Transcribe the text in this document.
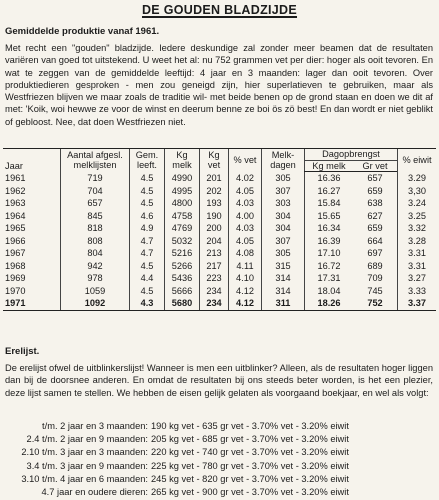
DE GOUDEN BLADZIJDE
Gemiddelde produktie vanaf 1961.
Met recht een "gouden" bladzijde. Iedere deskundige zal zonder meer beamen dat de resultaten variëren van goed tot uitstekend. U weet het al: nu 752 grammen vet per dier: hoger als ooit tevoren. En wat te zeggen van de gemiddelde leeftijd: 4 jaar en 3 maanden: lager dan ooit tevoren. Over produktiedieren gesproken - men zou geneigd zijn, hier superlatieven te gebruiken, maar als Westfriezen blijven we maar zoals de traditie wil- met beide benen op de grond staan en doen we dit af met: 'Koik, woi hewwe ze voor de winst en deerum benne ze boi ös zö best! En dan wordt er niet geblikt of gebloost. Nee, dat doen Westfriezen niet.
Jaar	Aantal afgesl. melklijsten	Gem. leeft.	Kg melk	Kg vet	% vet	Melk-dagen	Dagopbrengst		% eiwit
							Kg melk	Gr vet	
1961	719	4.5	4990	201	4.02	305	16.36	657	3.29
1962	704	4.5	4995	202	4.05	307	16.27	659	3,30
1963	657	4.5	4800	193	4.03	303	15.84	638	3.24
1964	845	4.6	4758	190	4.00	304	15.65	627	3.25
1965	818	4.9	4769	200	4.03	304	16.34	659	3.32
1966	808	4.7	5032	204	4.05	307	16.39	664	3.28
1967	804	4.7	5216	213	4.08	305	17.10	697	3.31
1968	942	4.5	5266	217	4.11	315	16.72	689	3.31
1969	978	4.4	5436	223	4.10	314	17.31	709	3.27
1970	1059	4.5	5666	234	4.12	314	18.04	745	3.33
1971	1092	4.3	5680	234	4.12	311	18.26	752	3.37
Erelijst.
De erelijst ofwel de uitblinkerslijst! Wanneer is men een uitblinker? Alleen, als de resultaten hoger liggen dan bij de doorsnee anderen. En omdat de resultaten bij ons steeds beter worden, is het een plezier, deze lijst samen te stellen. We hebben de eisen gelijk gelaten als voorgaand boekjaar, en wel als volgt:
t/m. 2 jaar en 3 maanden: 190 kg vet - 635 gr vet - 3.70% vet - 3.20% eiwit
2.4 t/m. 2 jaar en 9 maanden: 205 kg vet - 685 gr vet - 3.70% vet - 3.20% eiwit
2.10 t/m. 3 jaar en 3 maanden: 220 kg vet - 740 gr vet - 3.70% vet - 3.20% eiwit
3.4 t/m. 3 jaar en 9 maanden: 225 kg vet - 780 gr vet - 3.70% vet - 3.20% eiwit
3.10 t/m. 4 jaar en 6 maanden: 245 kg vet - 820 gr vet - 3.70% vet - 3.20% eiwit
4.7 jaar en oudere dieren: 265 kg vet - 900 gr vet - 3.70% vet - 3.20% eiwit
